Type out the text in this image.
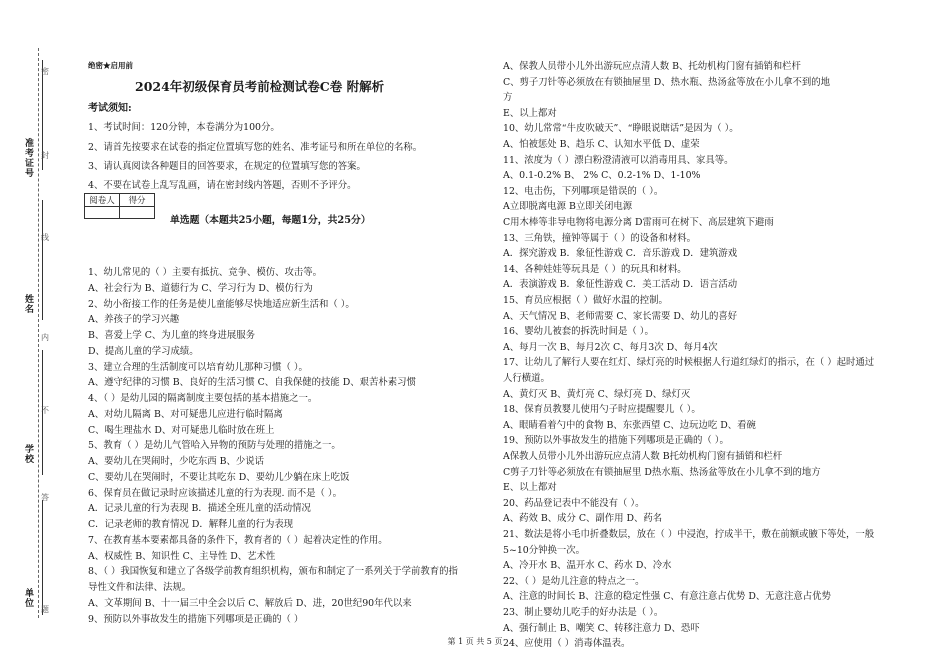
准考证号
姓名
学校
单位
密
封
线
内
不
答
题
绝密★启用前
2024年初级保育员考前检测试卷C卷 附解析
考试须知:
1、考试时间：120分钟，本卷满分为100分。
2、请首先按要求在试卷的指定位置填写您的姓名、准考证号和所在单位的名称。
3、请认真阅读各种题目的回答要求，在规定的位置填写您的答案。
4、不要在试卷上乱写乱画，请在密封线内答题，否则不予评分。
阅卷人	得分

单选题（本题共25小题，每题1分，共25分）
1、幼儿常见的（ ）主要有抵抗、竞争、模仿、攻击等。
A、社会行为 B、道德行为 C、学习行为 D、模仿行为
2、幼小衔接工作的任务是使儿童能够尽快地适应新生活和（ ）。
A、养孩子的学习兴趣
B、喜爱上学 C、为儿童的终身进展服务
D、提高儿童的学习成绩。
3、建立合理的生活制度可以培育幼儿那种习惯（ ）。
A、遵守纪律的习惯 B、良好的生活习惯 C、自我保健的技能 D、艰苦朴素习惯
4、（ ）是幼儿园的隔离制度主要包括的基本措施之一。
A、对幼儿隔离 B、对可疑患儿应进行临时隔离
C、喝生理盐水 D、对可疑患儿临时放在班上
5、教育（ ）是幼儿气管哈入异物的预防与处理的措施之一。
A、要幼儿在哭闹时，少吃东西 B、少说话
C、要幼儿在哭闹时，不要让其吃东 D、要幼儿少躺在床上吃饭
6、保育员在做记录时应该描述儿童的行为表现. 而不是（ ）。
A．记录儿童的行为表现 B．描述全班儿童的活动情况
C．记录老师的教育情况 D．解释儿童的行为表现
7、在教育基本要素都具备的条件下，教育者的（ ）起着决定性的作用。
A、权威性 B、知识性 C、主导性 D、艺术性
8、（ ）我国恢复和建立了各级学前教育组织机构，颁布和制定了一系列关于学前教育的指
导性文件和法律、法规。
A、文革期间 B、十一届三中全会以后 C、解放后 D、进，20世纪90年代以来
9、预防以外事故发生的措施下列哪项是正确的（ ）
A、保教人员带小儿外出游玩应点清人数 B、托幼机构门窗有插销和栏杆
C、剪子刀针等必须放在有锁抽屉里 D、热水瓶、热汤盆等放在小儿拿不到的地
方
E、以上都对
10、幼儿常常“牛皮吹破天”、“睁眼说瞎话”是因为（ ）。
A、怕被惩处 B、趋乐 C、认知水平低 D、虚荣
11、浓度为（ ）漂白粉澄清液可以消毒用具、家具等。
A、0.1-0.2% B、 2% C、0.2-1% D、1-10%
12、电击伤，下列哪项是错误的（ ）。
A立即脱离电源 B立即关闭电源
C用木棒等非导电物将电源分离 D雷雨可在树下、高层建筑下避雨
13、三角铁，撞钟等属于（ ）的设备和材料。
A．探究游戏 B．象征性游戏 C．音乐游戏 D．建筑游戏
14、各种娃娃等玩具是（ ）的玩具和材料。
A．表演游戏 B．象征性游戏 C．美工活动 D．语言活动
15、育员应根据（ ）做好水温的控制。
A、天气情况 B、老师需要 C、家长需要 D、幼儿的喜好
16、婴幼儿被套的拆洗时间是（ ）。
A、每月一次 B、每月2次 C、每月3次 D、每月4次
17、让幼儿了解行人要在红灯、绿灯亮的时候根据人行道红绿灯的指示，在（ ）起时通过
人行横道。
A、黄灯灭 B、黄灯亮 C、绿灯亮 D、绿灯灭
18、保育员教婴儿使用勺子时应提醒婴儿（ ）。
A、眼睛看着勺中的食物 B、东张西望 C、边玩边吃 D、看碗
19、预防以外事故发生的措施下列哪项是正确的（ ）。
A保教人员带小儿外出游玩应点清人数 B托幼机构门窗有插销和栏杆
C剪子刀针等必须放在有锁抽屉里 D热水瓶、热汤盆等放在小儿拿不到的地方
E、以上都对
20、药品登记表中不能没有（ ）。
A、药效 B、成分 C、副作用 D、药名
21、数法是将小毛巾折叠数层，放在（ ）中浸泡，拧成半干，敷在前额或腋下等处，一般
5~10分钟换一次。
A、冷开水 B、温开水 C、药水 D、冷水
22、（ ）是幼儿注意的特点之一。
A、注意的时间长 B、注意的稳定性强 C、有意注意占优势 D、无意注意占优势
23、制止婴幼儿吃手的好办法是（ ）。
A、强行制止 B、嘲笑 C、转移注意力 D、恐吓
24、应使用（ ）消毒体温表。
第 1 页 共 5 页
